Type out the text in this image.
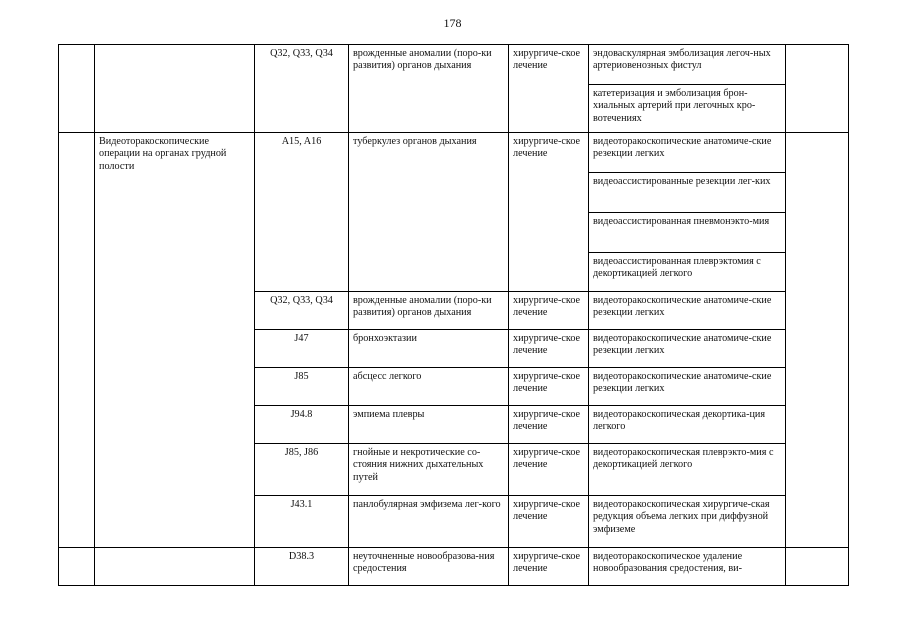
178
		Q32, Q33, Q34	врожденные аномалии (поро-ки развития) органов дыхания	хирургиче-ское лечение	эндоваскулярная эмболизация легоч-ных артериовенозных фистул	
					катетеризация и эмболизация брон-хиальных артерий при легочных кро-вотечениях	
	Видеоторакоскопические операции на органах грудной полости	A15, A16	туберкулез органов дыхания	хирургиче-ское лечение	видеоторакоскопические анатомиче-ские резекции легких	
					видеоассистированные резекции лег-ких	
					видеоассистированная пневмонэкто-мия	
					видеоассистированная плеврэктомия с декортикацией легкого	
		Q32, Q33, Q34	врожденные аномалии (поро-ки развития) органов дыхания	хирургиче-ское лечение	видеоторакоскопические анатомиче-ские резекции легких	
		J47	бронхоэктазии	хирургиче-ское лечение	видеоторакоскопические анатомиче-ские резекции легких	
		J85	абсцесс легкого	хирургиче-ское лечение	видеоторакоскопические анатомиче-ские резекции легких	
		J94.8	эмпиема плевры	хирургиче-ское лечение	видеоторакоскопическая декортика-ция легкого	
		J85, J86	гнойные и некротические со-стояния нижних дыхательных путей	хирургиче-ское лечение	видеоторакоскопическая плеврэкто-мия с декортикацией легкого	
		J43.1	панлобулярная эмфизема лег-кого	хирургиче-ское лечение	видеоторакоскопическая хирургиче-ская редукция объема легких при диффузной эмфиземе	
		D38.3	неуточненные новообразова-ния средостения	хирургиче-ское лечение	видеоторакоскопическое удаление новообразования средостения, ви-	
